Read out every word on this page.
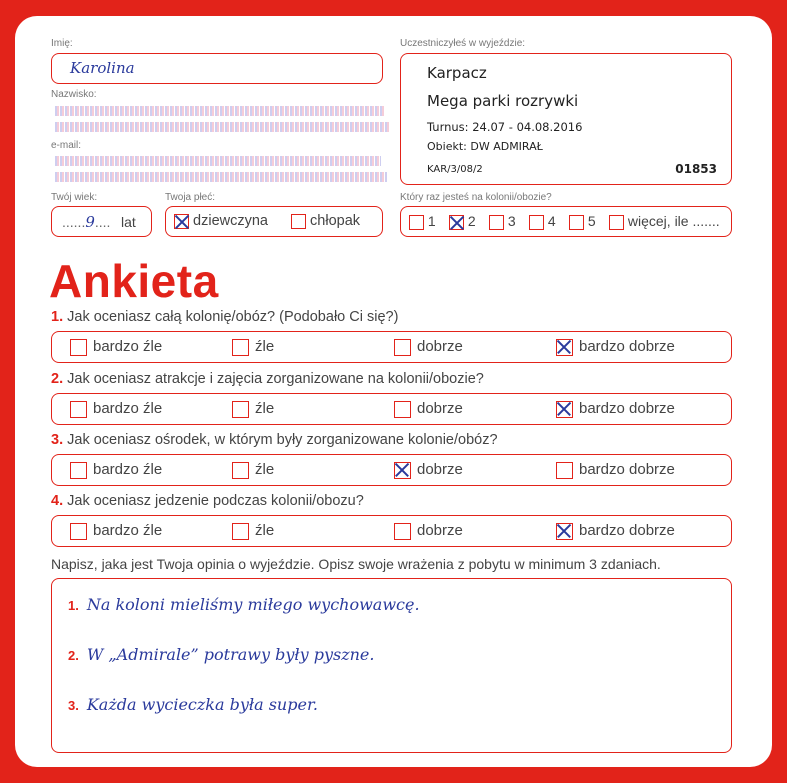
Imię:
Karolina
Nazwisko:
e-mail:
Twój wiek:
......9.... lat
Twoja płeć:
dziewczyna	chłopak
Uczestniczyłeś w wyjeździe:
Karpacz
Mega parki rozrywki
Turnus: 24.07 - 04.08.2016
Obiekt: DW ADMIRAŁ
KAR/3/08/2	01853
Który raz jesteś na kolonii/obozie?
1	2	3	4	5	więcej, ile .......
Ankieta
1. Jak oceniasz całą kolonię/obóz? (Podobało Ci się?)
bardzo źle	źle	dobrze	bardzo dobrze
2. Jak oceniasz atrakcje i zajęcia zorganizowane na kolonii/obozie?
bardzo źle	źle	dobrze	bardzo dobrze
3. Jak oceniasz ośrodek, w którym były zorganizowane kolonie/obóz?
bardzo źle	źle	dobrze	bardzo dobrze
4. Jak oceniasz jedzenie podczas kolonii/obozu?
bardzo źle	źle	dobrze	bardzo dobrze
Napisz, jaka jest Twoja opinia o wyjeździe. Opisz swoje wrażenia z pobytu w minimum 3 zdaniach.
1. Na koloni mieliśmy miłego wychowawcę.
2. W „Admirale” potrawy były pyszne.
3. Każda wycieczka była super.
